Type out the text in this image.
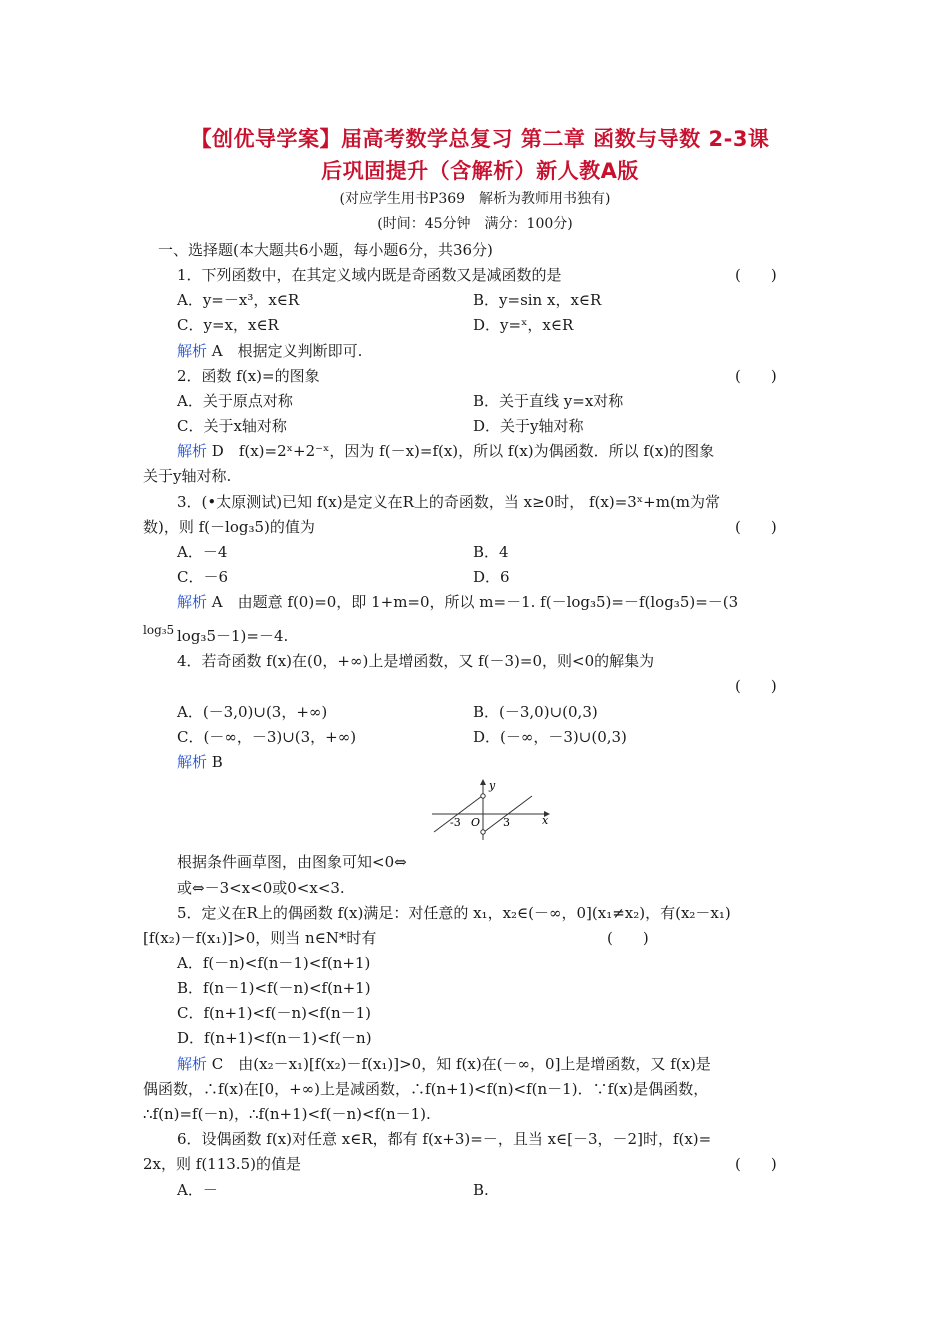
【创优导学案】届高考数学总复习 第二章 函数与导数 2-3课
后巩固提升（含解析）新人教A版
(对应学生用书P369　解析为教师用书独有)
(时间：45分钟　满分：100分)
一、选择题(本大题共6小题，每小题6分，共36分)
1．下列函数中，在其定义域内既是奇函数又是减函数的是	(　　)
A．y=－x³，x∈R	B．y=sin x，x∈R
C．y=x，x∈R	D．y=ˣ，x∈R
解析 A　根据定义判断即可.
2．函数 f(x)=的图象	(　　)
A．关于原点对称	B．关于直线 y=x对称
C．关于x轴对称	D．关于y轴对称
解析 D　f(x)=2ˣ+2⁻ˣ，因为 f(－x)=f(x)，所以 f(x)为偶函数．所以 f(x)的图象
关于y轴对称.
3．(•太原测试)已知 f(x)是定义在R上的奇函数，当 x≥0时， f(x)=3ˣ+m(m为常
数)，则 f(－log₃5)的值为	(　　)
A．－4	B．4
C．－6	D．6
解析 A　由题意 f(0)=0，即 1+m=0，所以 m=－1. f(－log₃5)=－f(log₃5)=－(3
log₃5 log₃5－1)=－4.
4．若奇函数 f(x)在(0，+∞)上是增函数，又 f(－3)=0，则<0的解集为
(　　)
A．(－3,0)∪(3，+∞)	B．(－3,0)∪(0,3)
C．(－∞，－3)∪(3，+∞)	D．(－∞，－3)∪(0,3)
解析 B
y
x
O
-3	3
根据条件画草图，由图象可知<0⇔
或⇔－3<x<0或0<x<3.
5．定义在R上的偶函数 f(x)满足：对任意的 x₁，x₂∈(－∞，0](x₁≠x₂)，有(x₂－x₁)
[f(x₂)－f(x₁)]>0，则当 n∈N*时有	(　　)
A．f(－n)<f(n－1)<f(n+1)
B．f(n－1)<f(－n)<f(n+1)
C．f(n+1)<f(－n)<f(n－1)
D．f(n+1)<f(n－1)<f(－n)
解析 C　由(x₂－x₁)[f(x₂)－f(x₁)]>0，知 f(x)在(－∞，0]上是增函数，又 f(x)是
偶函数，∴f(x)在[0，+∞)上是减函数，∴f(n+1)<f(n)<f(n－1)．∵f(x)是偶函数，
∴f(n)=f(－n)，∴f(n+1)<f(－n)<f(n－1).
6．设偶函数 f(x)对任意 x∈R，都有 f(x+3)=－，且当 x∈[－3，－2]时，f(x)=
2x，则 f(113.5)的值是	(　　)
A．－	B.
